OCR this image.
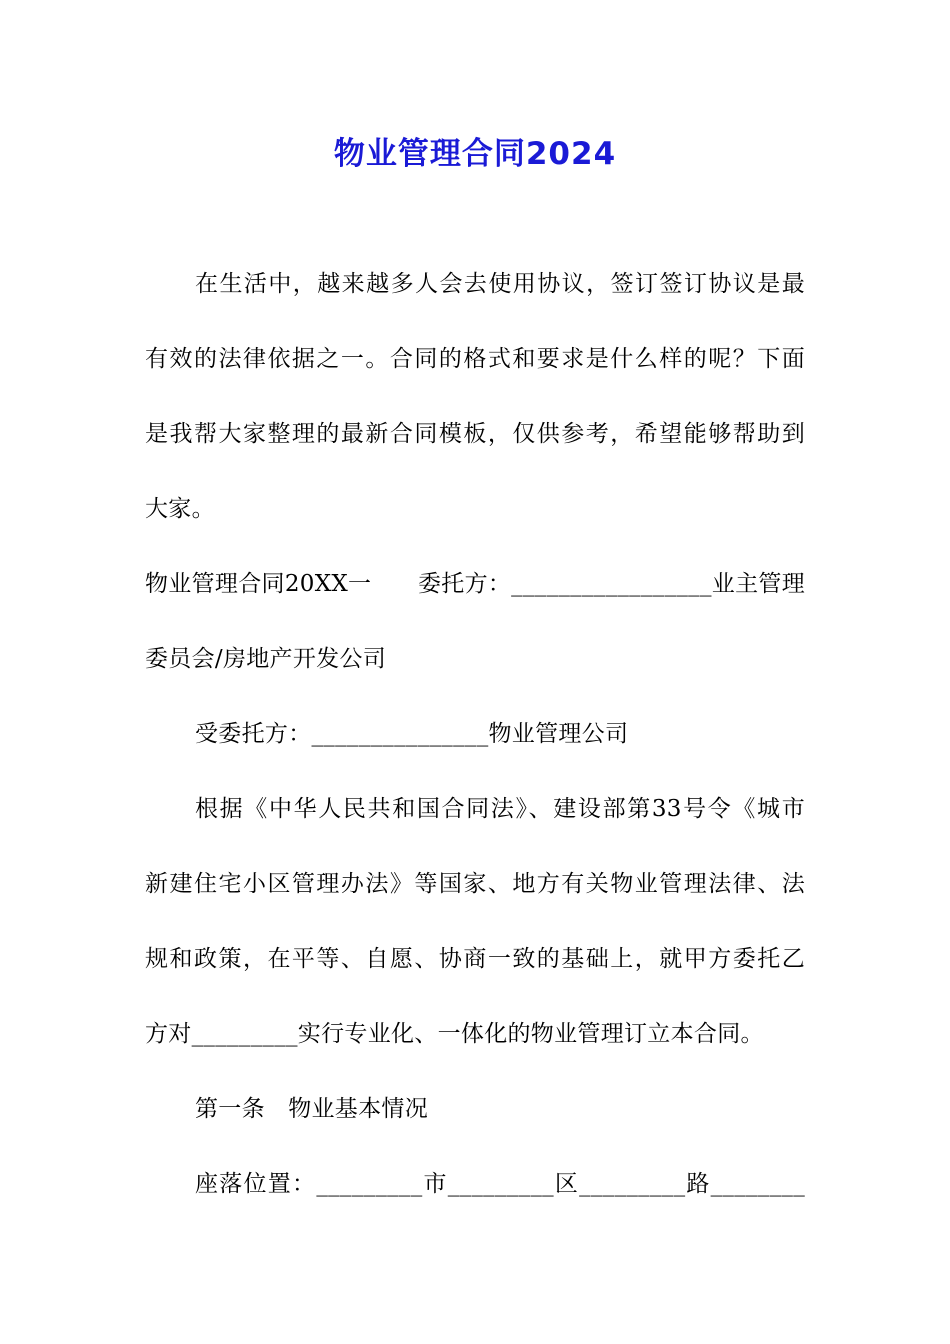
物业管理合同2024
在生活中，越来越多人会去使用协议，签订签订协议是最
有效的法律依据之一。合同的格式和要求是什么样的呢？下面
是我帮大家整理的最新合同模板，仅供参考，希望能够帮助到
大家。
物业管理合同20XX一　　委托方：_________________业主管理
委员会/房地产开发公司
受委托方：_______________物业管理公司
根据《中华人民共和国合同法》、建设部第33号令《城市
新建住宅小区管理办法》等国家、地方有关物业管理法律、法
规和政策，在平等、自愿、协商一致的基础上，就甲方委托乙
方对_________实行专业化、一体化的物业管理订立本合同。
第一条　物业基本情况
座落位置：_________市_________区_________路________
